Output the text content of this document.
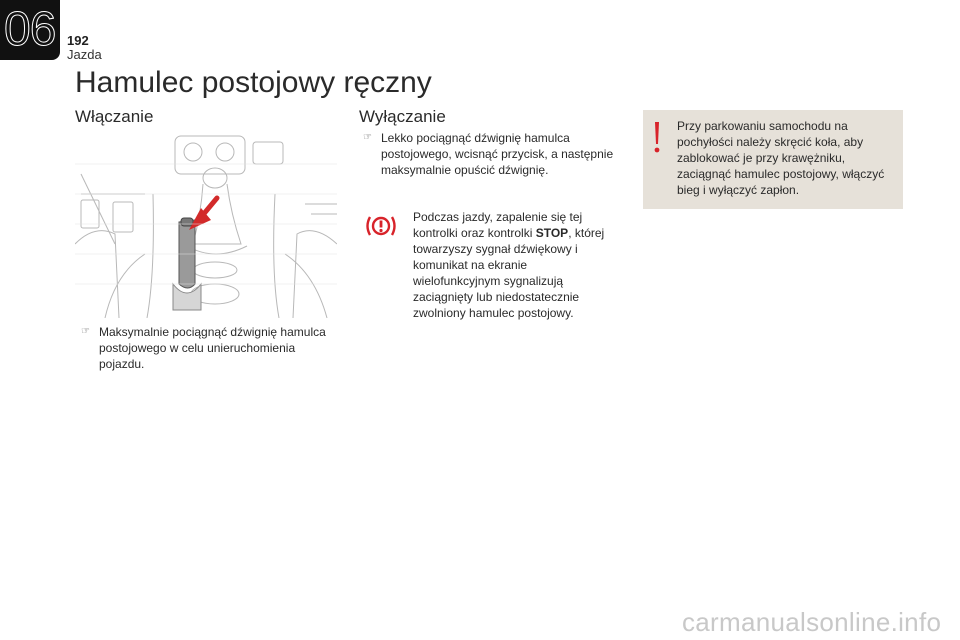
06 192
Jazda
Hamulec postojowy ręczny
Włączanie	Wyłączanie
☞ Maksymalnie pociągnąć dźwignię hamulca postojowego w celu unieruchomienia pojazdu.
☞ Lekko pociągnąć dźwignię hamulca postojowego, wcisnąć przycisk, a następnie maksymalnie opuścić dźwignię.
Podczas jazdy, zapalenie się tej kontrolki oraz kontrolki STOP, której towarzyszy sygnał dźwiękowy i komunikat na ekranie wielofunkcyjnym sygnalizują zaciągnięty lub niedostatecznie zwolniony hamulec postojowy.
Przy parkowaniu samochodu na pochyłości należy skręcić koła, aby zablokować je przy krawężniku, zaciągnąć hamulec postojowy, włączyć bieg i wyłączyć zapłon.
carmanualsonline.info
